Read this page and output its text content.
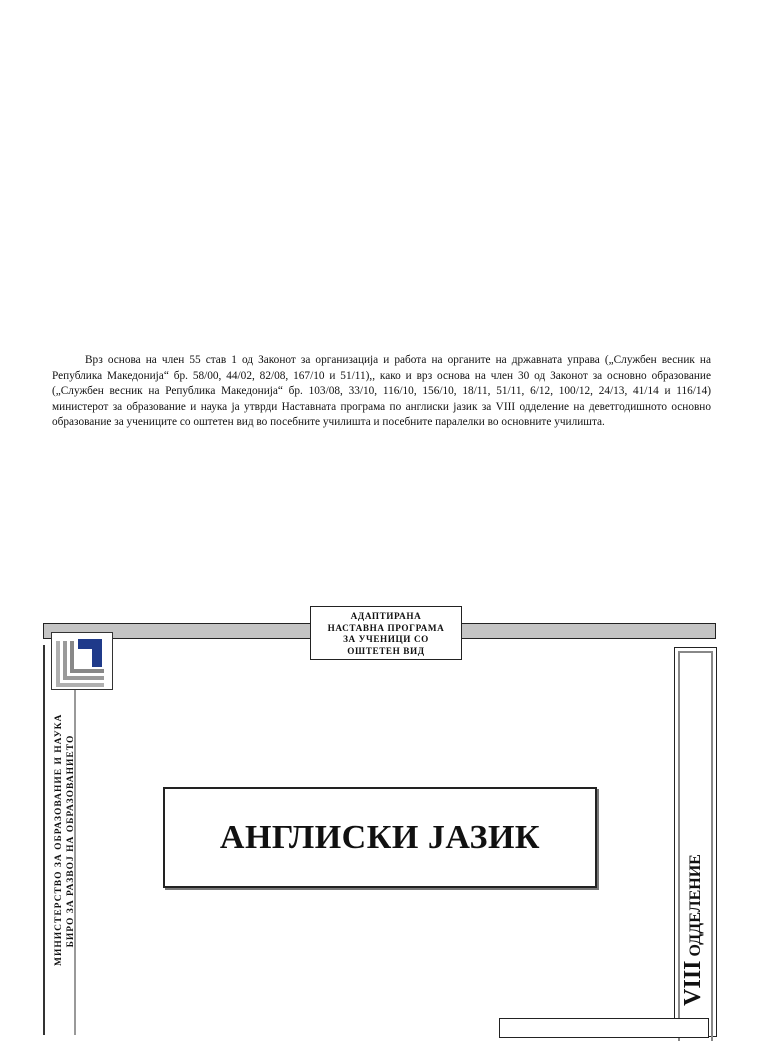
Врз основа на член 55 став 1 од Законот за организација и работа на органите на државната управа („Службен весник на Република Македонија“ бр. 58/00, 44/02, 82/08, 167/10 и 51/11),, како и врз основа на член 30 од Законот за основно образование („Службен весник на Република Македонија“ бр. 103/08, 33/10, 116/10, 156/10, 18/11, 51/11, 6/12, 100/12, 24/13, 41/14 и 116/14) министерот за образование и наука ја утврди Наставната програма по англиски јазик за VIII одделение на деветгодишното основно образование за учениците со оштетен вид во посебните училишта и посебните паралелки во основните училишта.

АДАПТИРАНА
НАСТАВНА ПРОГРАМА
ЗА УЧЕНИЦИ СО
ОШТЕТЕН ВИД
МИНИСТЕРСТВО ЗА ОБРАЗОВАНИЕ И НАУКА БИРО ЗА РАЗВОЈ НА ОБРАЗОВАНИЕТО	АНГЛИСКИ ЈАЗИК
VIII ОДДЕЛЕНИЕ
